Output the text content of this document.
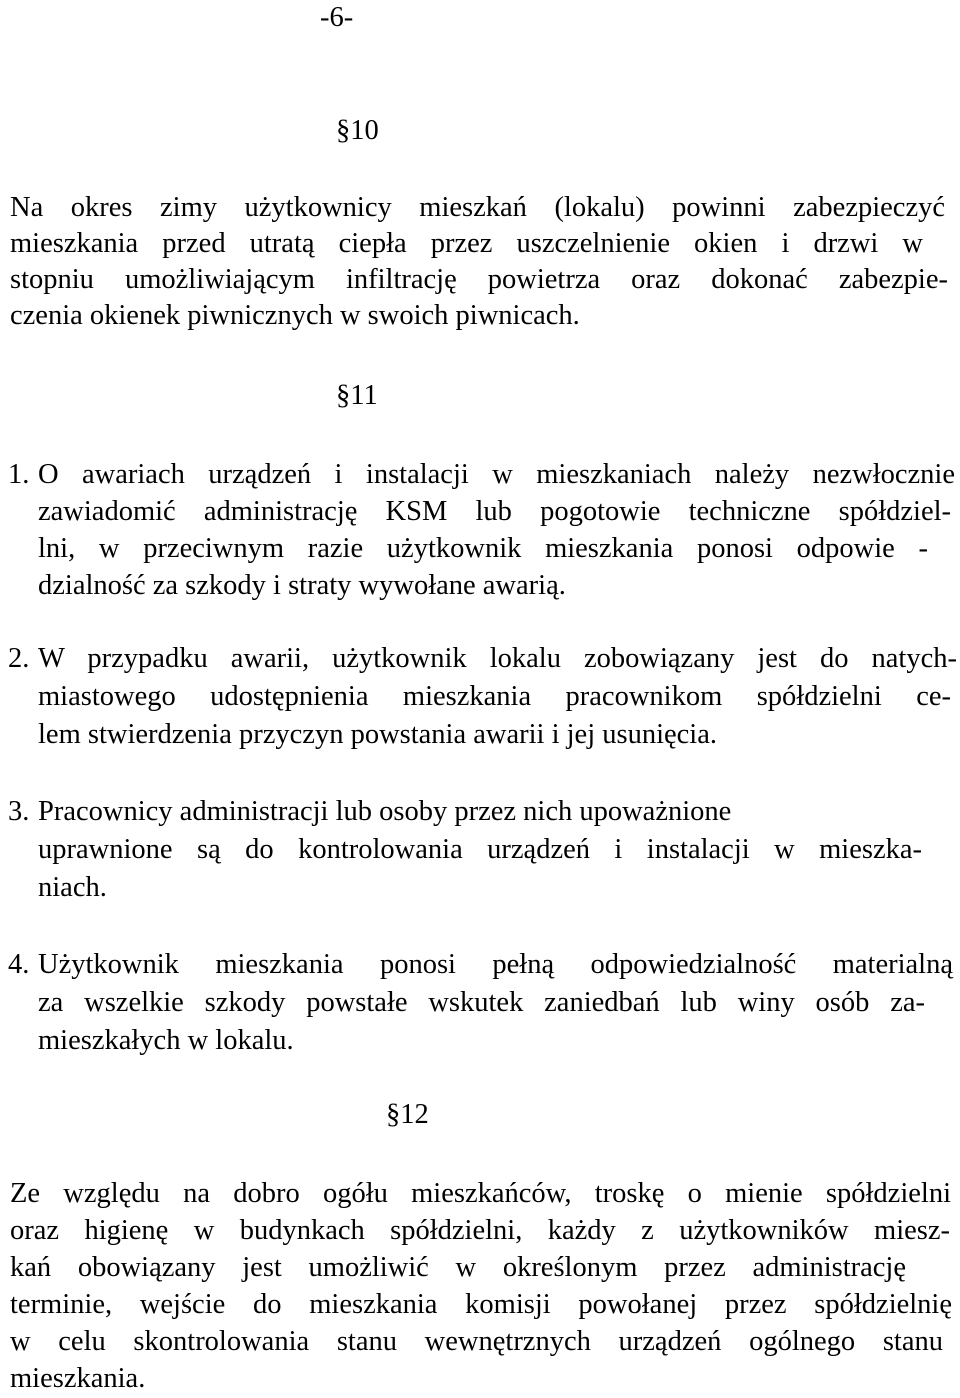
-6-
§10
Na okres zimy użytkownicy mieszkań (lokalu) powinni zabezpieczyć
mieszkania przed utratą ciepła przez uszczelnienie okien i drzwi w
stopniu umożliwiającym infiltrację powietrza oraz dokonać zabezpie-
czenia okienek piwnicznych w swoich piwnicach.
§11
1. O awariach urządzeń i instalacji w mieszkaniach należy nezwłocznie
zawiadomić administrację KSM lub pogotowie techniczne spółdziel-
lni, w przeciwnym razie użytkownik mieszkania ponosi odpowie -
dzialność za szkody i straty wywołane awarią.
2. W przypadku awarii, użytkownik lokalu zobowiązany jest do natych-
miastowego udostępnienia mieszkania pracownikom spółdzielni ce-
lem stwierdzenia przyczyn powstania awarii i jej usunięcia.
3. Pracownicy administracji lub osoby przez nich upoważnione
uprawnione są do kontrolowania urządzeń i instalacji w mieszka-
niach.
4. Użytkownik mieszkania ponosi pełną odpowiedzialność materialną
za wszelkie szkody powstałe wskutek zaniedbań lub winy osób za-
mieszkałych w lokalu.
§12
Ze względu na dobro ogółu mieszkańców, troskę o mienie spółdzielni
oraz higienę w budynkach spółdzielni, każdy z użytkowników miesz-
kań obowiązany jest umożliwić w określonym przez administrację
terminie, wejście do mieszkania komisji powołanej przez spółdzielnię
w celu skontrolowania stanu wewnętrznych urządzeń ogólnego stanu
mieszkania.
